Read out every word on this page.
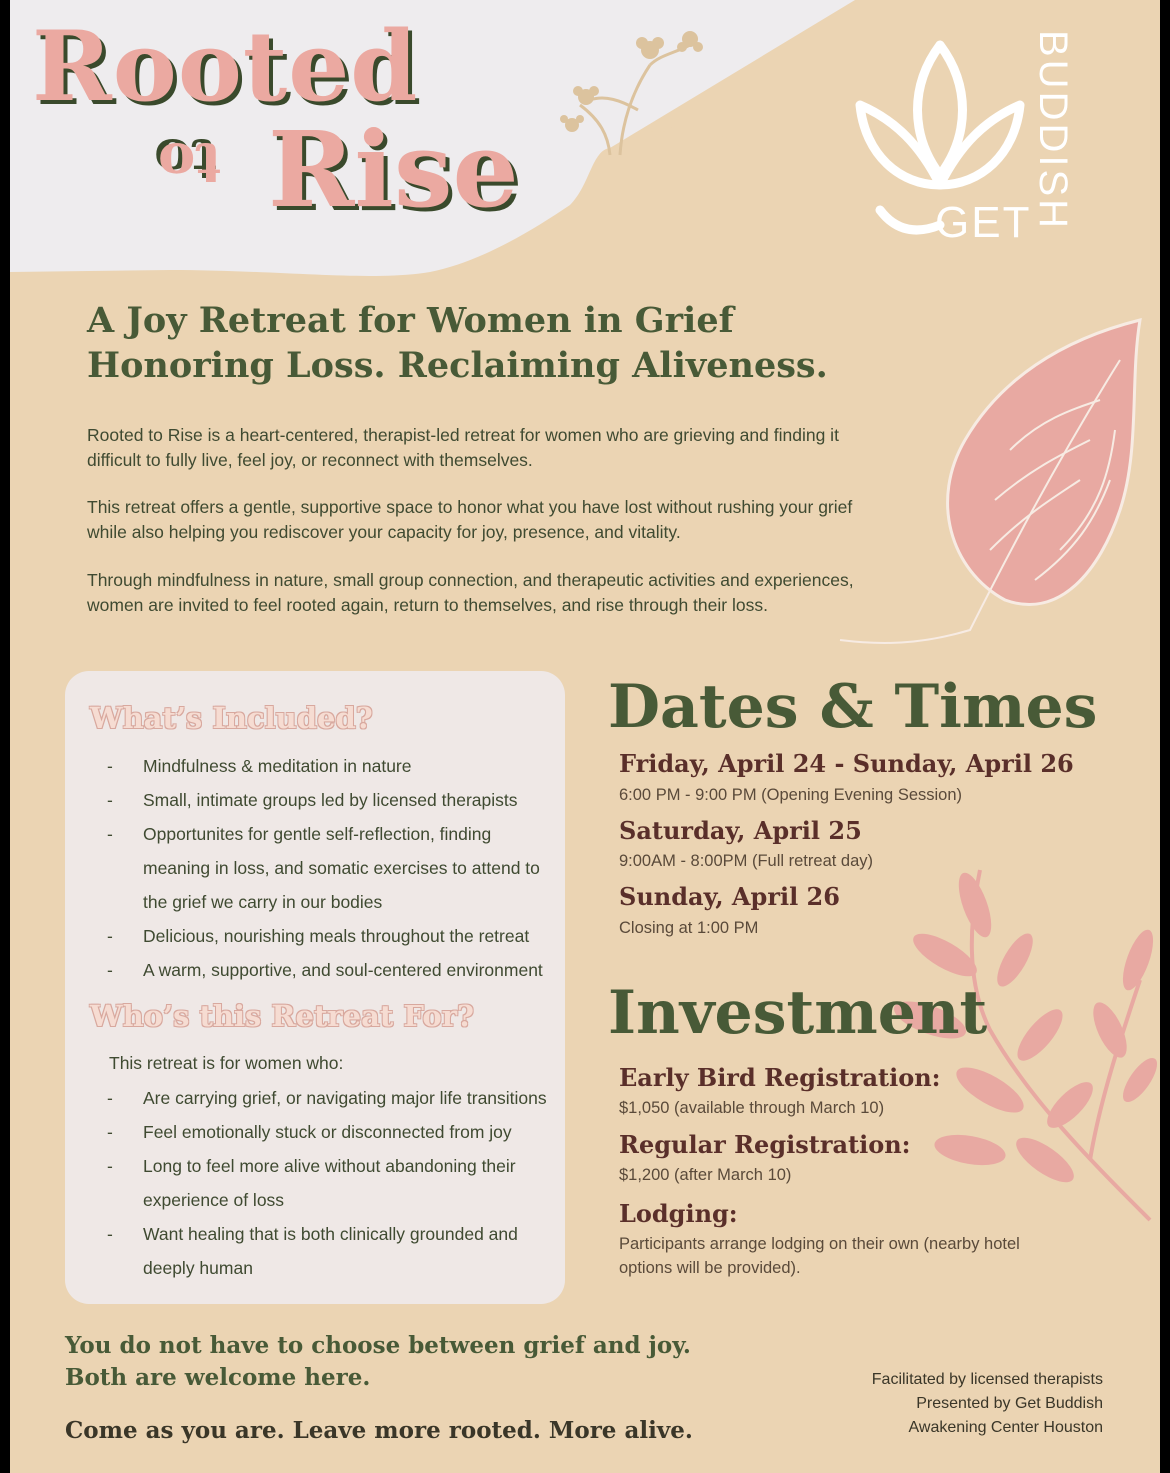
Rooted
to Rise	GET BUDDISH
A Joy Retreat for Women in Grief
Honoring Loss. Reclaiming Aliveness.

Rooted to Rise is a heart-centered, therapist-led retreat for women who are grieving and finding it difficult to fully live, feel joy, or reconnect with themselves.

This retreat offers a gentle, supportive space to honor what you have lost without rushing your grief while also helping you rediscover your capacity for joy, presence, and vitality.

Through mindfulness in nature, small group connection, and therapeutic activities and experiences, women are invited to feel rooted again, return to themselves, and rise through their loss.

What’s Included?
- Mindfulness & meditation in nature
- Small, intimate groups led by licensed therapists
- Opportunites for gentle self-reflection, finding meaning in loss, and somatic exercises to attend to the grief we carry in our bodies
- Delicious, nourishing meals throughout the retreat
- A warm, supportive, and soul-centered environment
Who’s this Retreat For?
This retreat is for women who:
- Are carrying grief, or navigating major life transitions
- Feel emotionally stuck or disconnected from joy
- Long to feel more alive without abandoning their experience of loss
- Want healing that is both clinically grounded and deeply human
Dates & Times
Friday, April 24 - Sunday, April 26
6:00 PM - 9:00 PM (Opening Evening Session)
Saturday, April 25
9:00AM - 8:00PM (Full retreat day)
Sunday, April 26
Closing at 1:00 PM
Investment
Early Bird Registration:
$1,050 (available through March 10)
Regular Registration:
$1,200 (after March 10)
Lodging:
Participants arrange lodging on their own (nearby hotel options will be provided).

You do not have to choose between grief and joy.

Both are welcome here.

Come as you are. Leave more rooted. More alive.

Facilitated by licensed therapists
Presented by Get Buddish
Awakening Center Houston
